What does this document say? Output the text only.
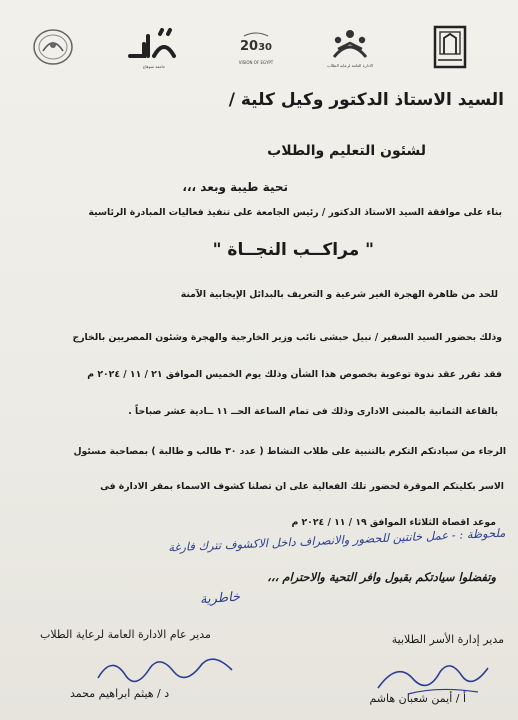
جامعة سوهاج
2030
VISION OF EGYPT
الادارة العامة لرعاية الطلاب
السيد الاستاذ الدكتور وكيل كلية /
لشئون التعليم والطلاب
تحية طيبة وبعد ،،،
بناء على موافقة السيد الاستاذ الدكتور / رئيس الجامعة على تنفيذ فعاليات المبادرة الرئاسية
" مراكــب النجــاة "
للحد من ظاهرة الهجرة الغير شرعية و التعريف بالبدائل الإيجابية الآمنة
وذلك بحضور السيد السفير / نبيل حبشى نائب وزير الخارجية والهجرة وشئون المصريين بالخارج
فقد تقرر عقد ندوة توعوية بخصوص هذا الشأن وذلك يوم الخميس الموافق ٢١ / ١١ / ٢٠٢٤ م
بالقاعة الثمانية بالمبنى الادارى وذلك فى تمام الساعة الحــ ١١ ــادية عشر صباحاً .
الرجاء من سيادتكم التكرم بالتنبية على طلاب النشاط ( عدد ٣٠ طالب و طالبة ) بمصاحبة مسئول
الاسر بكليتكم الموقرة لحضور تلك الفعالية على ان تصلنا كشوف الاسماء بمقر الادارة فى
موعد اقصاة الثلاثاء الموافق ١٩ / ١١ / ٢٠٢٤ م
ملحوظة : - عمل خانتين للحضور والانصراف داخل الاكشوف تترك فارغة
وتفضلوا سيادتكم بقبول وافر التحية والاحترام ،،،
خاطرية
مدير إدارة الأسر الطلابية
مدير عام الادارة العامة لرعاية الطلاب
أ / أيمن شعبان هاشم
د / هيثم ابراهيم محمد
